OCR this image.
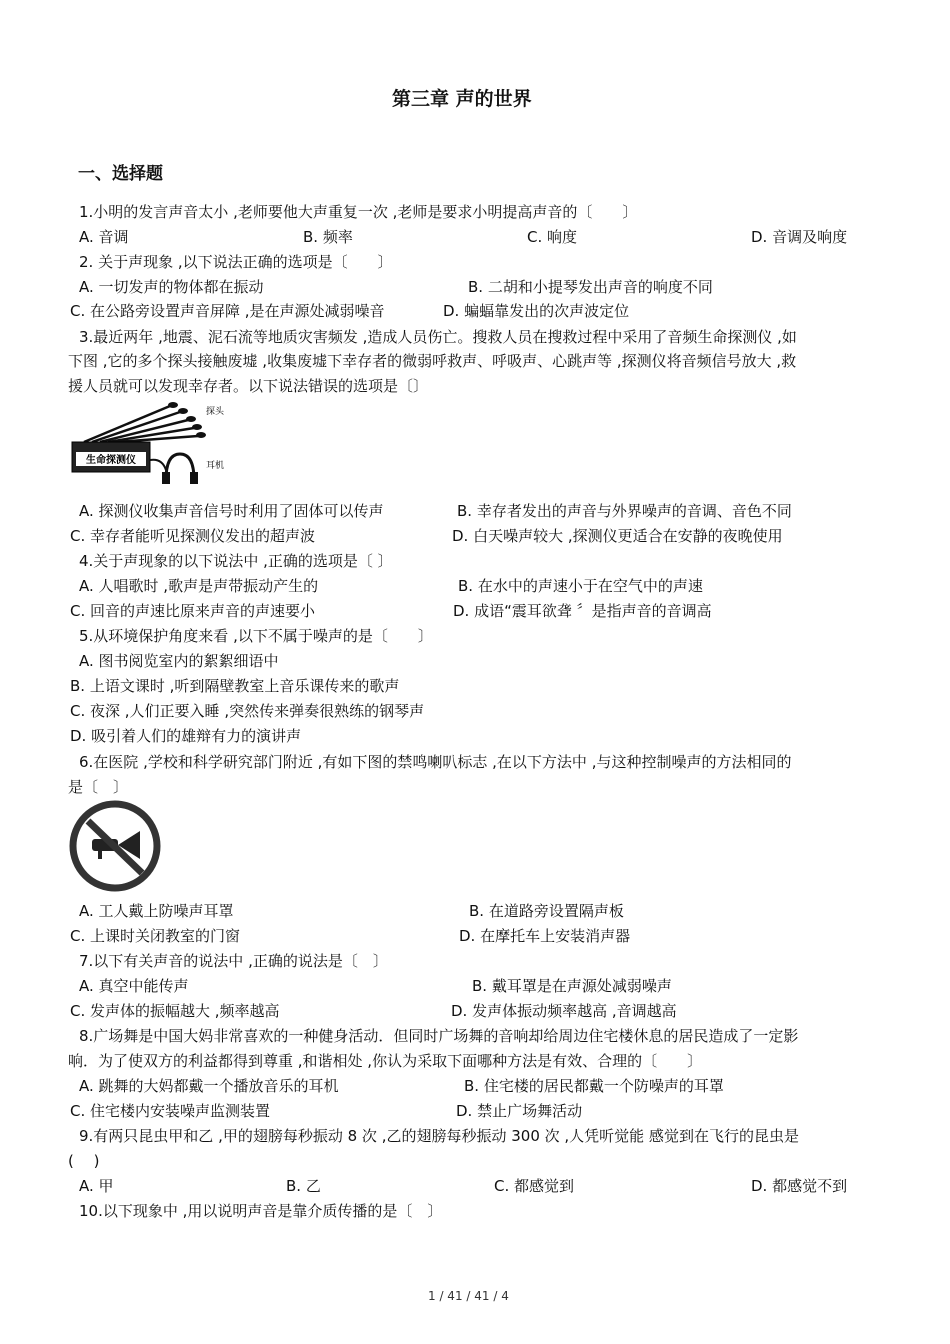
第三章 声的世界
一、选择题
1.小明的发言声音太小 ,老师要他大声重复一次 ,老师是要求小明提高声音的〔　　〕
A. 音调	B. 频率	C. 响度	D. 音调及响度
2. 关于声现象 ,以下说法正确的选项是〔　　〕
A. 一切发声的物体都在振动	B. 二胡和小提琴发出声音的响度不同
C. 在公路旁设置声音屏障 ,是在声源处减弱噪音	D. 蝙蝠靠发出的次声波定位
3.最近两年 ,地震、泥石流等地质灾害频发 ,造成人员伤亡。搜救人员在搜救过程中采用了音频生命探测仪 ,如
下图 ,它的多个探头接触废墟 ,收集废墟下幸存者的微弱呼救声、呼吸声、心跳声等 ,探测仪将音频信号放大 ,救
援人员就可以发现幸存者。以下说法错误的选项是〔〕
生命探测仪
探头
耳机
A. 探测仪收集声音信号时利用了固体可以传声	B. 幸存者发出的声音与外界噪声的音调、音色不同
C. 幸存者能听见探测仪发出的超声波	D. 白天噪声较大 ,探测仪更适合在安静的夜晚使用
4.关于声现象的以下说法中 ,正确的选项是〔 〕
A. 人唱歌时 ,歌声是声带振动产生的	B. 在水中的声速小于在空气中的声速
C. 回音的声速比原来声音的声速要小	D. 成语“震耳欲聋 〞是指声音的音调高
5.从环境保护角度来看 ,以下不属于噪声的是〔　　〕
A. 图书阅览室内的絮絮细语中
B. 上语文课时 ,听到隔壁教室上音乐课传来的歌声
C. 夜深 ,人们正要入睡 ,突然传来弹奏很熟练的钢琴声
D. 吸引着人们的雄辩有力的演讲声
6.在医院 ,学校和科学研究部门附近 ,有如下图的禁鸣喇叭标志 ,在以下方法中 ,与这种控制噪声的方法相同的
是〔　〕
A. 工人戴上防噪声耳罩	B. 在道路旁设置隔声板
C. 上课时关闭教室的门窗	D. 在摩托车上安装消声器
7.以下有关声音的说法中 ,正确的说法是〔　〕
A. 真空中能传声	B. 戴耳罩是在声源处减弱噪声
C. 发声体的振幅越大 ,频率越高	D. 发声体振动频率越高 ,音调越高
8.广场舞是中国大妈非常喜欢的一种健身活动．但同时广场舞的音响却给周边住宅楼休息的居民造成了一定影
响．为了使双方的利益都得到尊重 ,和谐相处 ,你认为采取下面哪种方法是有效、合理的〔　　〕
A. 跳舞的大妈都戴一个播放音乐的耳机	B. 住宅楼的居民都戴一个防噪声的耳罩
C. 住宅楼内安装噪声监测装置	D. 禁止广场舞活动
9.有两只昆虫甲和乙 ,甲的翅膀每秒振动 8 次 ,乙的翅膀每秒振动 300 次 ,人凭听觉能 感觉到在飞行的昆虫是
(　 )
A. 甲	B. 乙	C. 都感觉到	D. 都感觉不到
10.以下现象中 ,用以说明声音是靠介质传播的是〔　〕
1 / 41 / 41 / 4
